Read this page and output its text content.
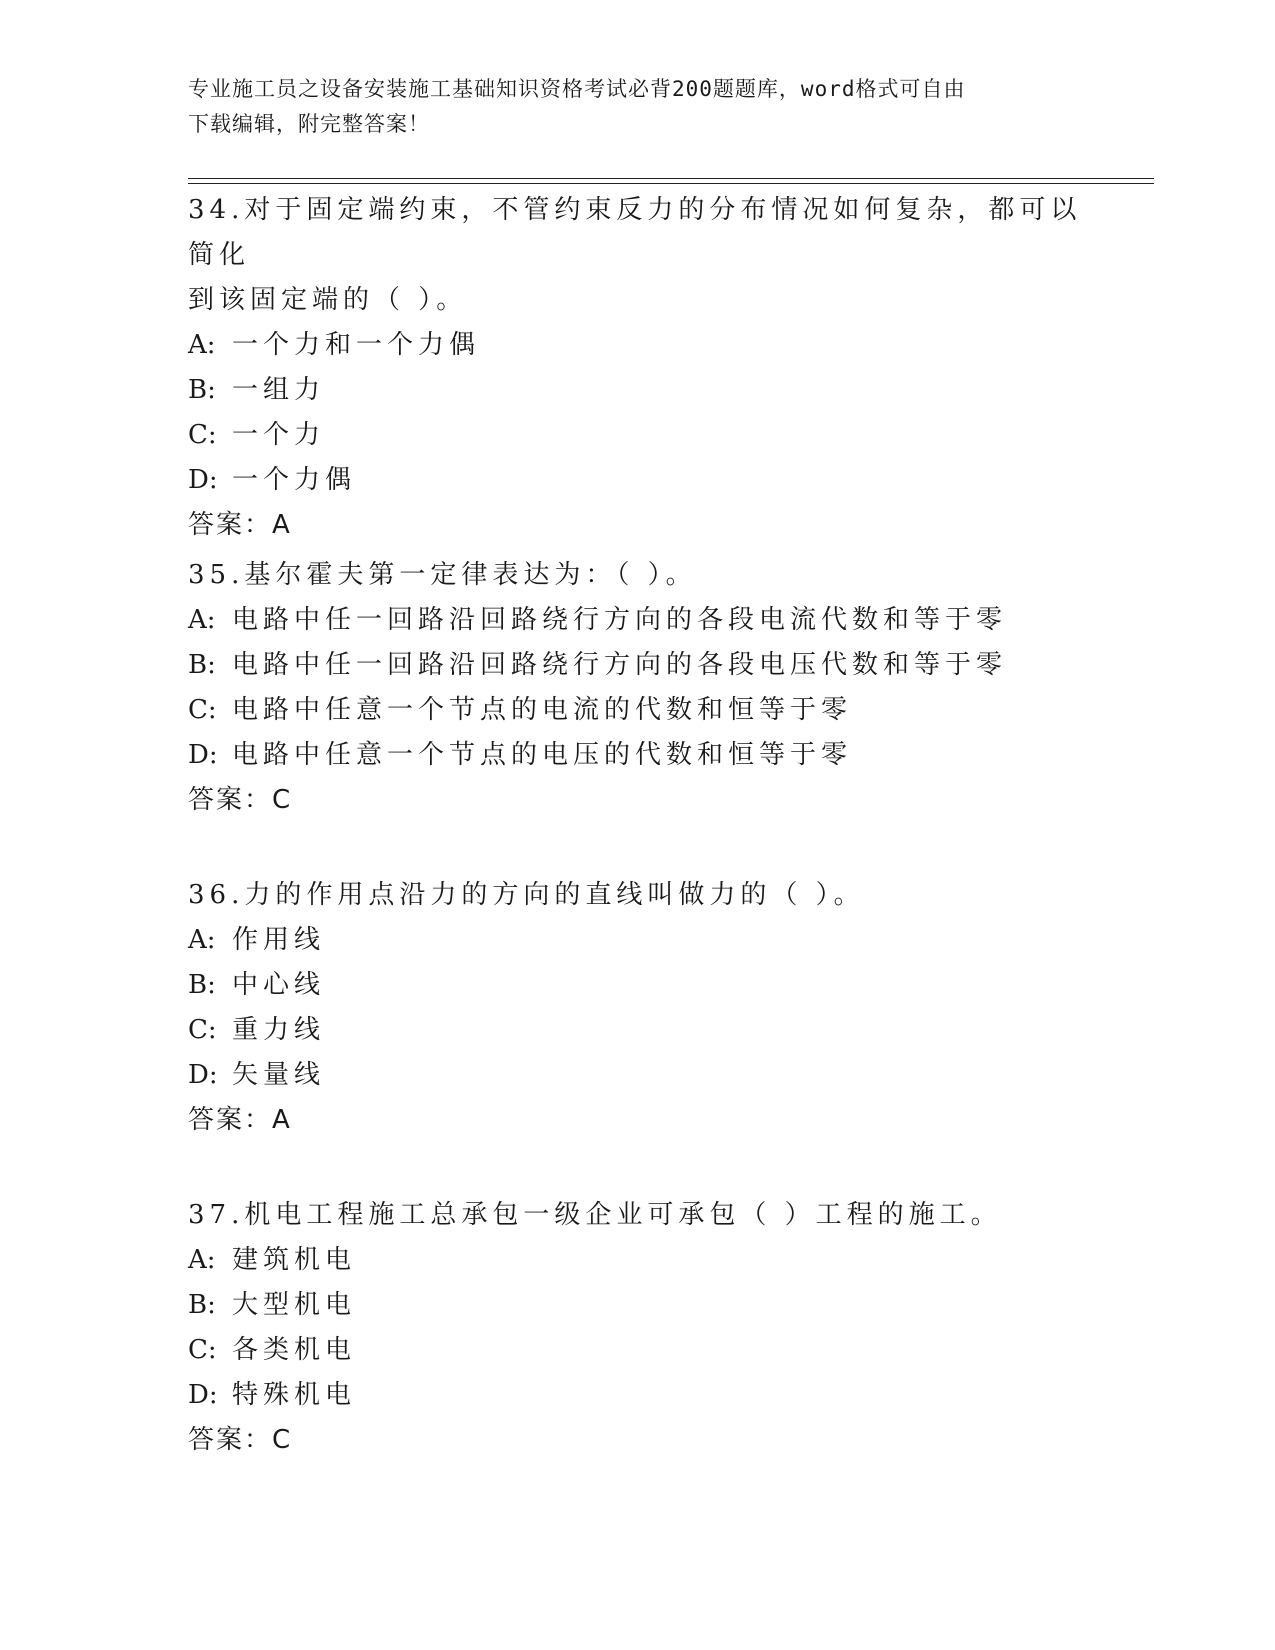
专业施工员之设备安装施工基础知识资格考试必背200题题库，word格式可自由
下载编辑，附完整答案！

34.对于固定端约束，不管约束反力的分布情况如何复杂，都可以简化

到该固定端的（ ）。

A: 一个力和一个力偶

B: 一组力

C: 一个力

D: 一个力偶

答案：A

35.基尔霍夫第一定律表达为：（ ）。

A: 电路中任一回路沿回路绕行方向的各段电流代数和等于零

B: 电路中任一回路沿回路绕行方向的各段电压代数和等于零

C: 电路中任意一个节点的电流的代数和恒等于零

D: 电路中任意一个节点的电压的代数和恒等于零

答案：C

36.力的作用点沿力的方向的直线叫做力的（ ）。

A: 作用线

B: 中心线

C: 重力线

D: 矢量线

答案：A

37.机电工程施工总承包一级企业可承包（ ）工程的施工。

A: 建筑机电

B: 大型机电

C: 各类机电

D: 特殊机电

答案：C
